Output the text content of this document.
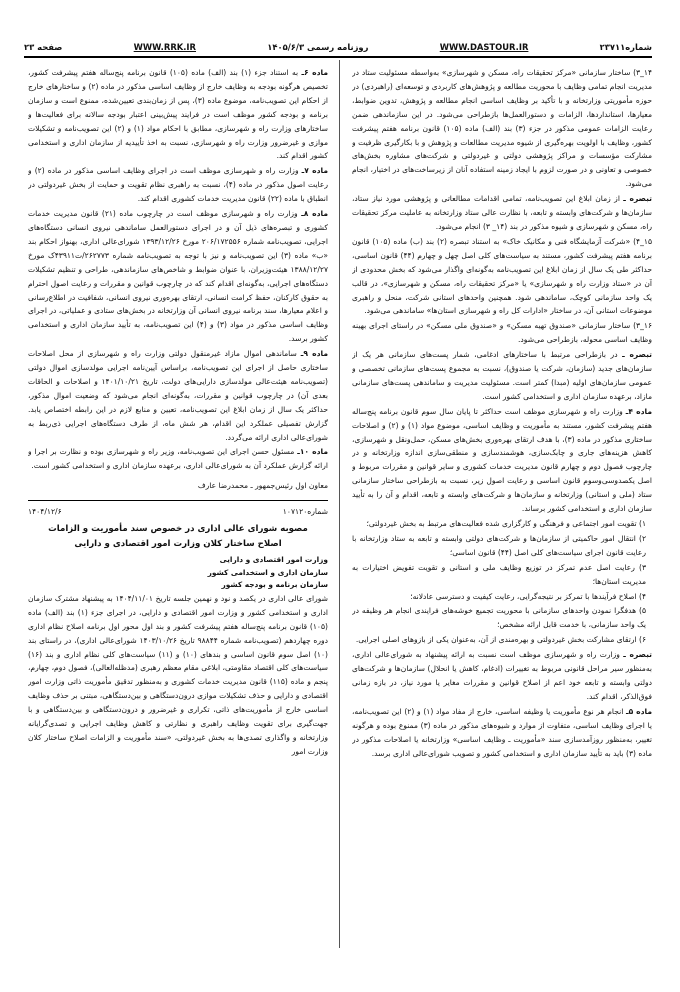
شماره۲۳۷۱۱
WWW.DASTOUR.IR
روزنامه رسمی ۱۴۰۵/۶/۳
WWW.RRK.IR
صفحه ۲۳

۱۴_۳) ساختار سازمانی «مرکز تحقیقات راه، مسکن و شهرسازی» به‌واسطه مسئولیت ستاد در مدیریت انجام تمامی وظایف با محوریت مطالعه و پژوهش‌های کاربردی و توسعه‌ای (راهبردی) در حوزه مأموریتی وزارتخانه و با تأکید بر وظایف اساسی انجام مطالعه و پژوهش، تدوین ضوابط، معیارها، استانداردها، الزامات و دستورالعمل‌ها بازطراحی می‌شود. در این سازماندهی ضمن رعایت الزامات عمومی مذکور در جزء (۳) بند (الف) ماده (۱۰۵) قانون برنامه هفتم پیشرفت کشور، وظایف با اولویت بهره‌گیری از شیوه مدیریت مطالعات و پژوهش و با بکارگیری ظرفیت و مشارکت مؤسسات و مراکز پژوهشی دولتی و غیردولتی و شرکت‌های مشاوره بخش‌های خصوصی و تعاونی و در صورت لزوم با ایجاد زمینه استفاده آنان از زیرساخت‌های در اختیار، انجام می‌شود.

تبصره ـ از زمان ابلاغ این تصویب‌نامه، تمامی اقدامات مطالعاتی و پژوهشی مورد نیاز ستاد، سازمان‌ها و شرکت‌های وابسته و تابعه، با نظارت عالی ستاد وزارتخانه به عاملیت مرکز تحقیقات راه، مسکن و شهرسازی و شیوه مذکور در بند (۱۴_ ۳) انجام می‌شود.

۱۵_۴) «شرکت آزمایشگاه فنی و مکانیک خاک» به استناد تبصره (۲) بند (ب) ماده (۱۰۵) قانون برنامه هفتم پیشرفت کشور، مستند به سیاست‌های کلی اصل چهل و چهارم (۴۴) قانون اساسی، حداکثر طی یک سال از زمان ابلاغ این تصویب‌نامه به‌گونه‌ای واگذار می‌شود که بخش محدودی از آن در «ستاد وزارت راه و شهرسازی» یا «مرکز تحقیقات راه، مسکن و شهرسازی»، در قالب یک واحد سازمانی کوچک، ساماندهی شود. همچنین واحدهای استانی شرکت، منحل و راهبری موضوعات استانی آن، در ساختار «ادارات کل راه و شهرسازی استان‌ها» ساماندهی می‌شود.

۱۶_۳) ساختار سازمانی «صندوق تهیه مسکن» و «صندوق ملی مسکن» در راستای اجرای بهینه وظایف اساسی محوله، بازطراحی می‌شود.

تبصره ـ در بازطراحی مرتبط با ساختارهای ادغامی، شمار پست‌های سازمانی هر یک از سازمان‌های جدید (سازمان، شرکت یا صندوق)، نسبت به مجموع پست‌های سازمانی تخصصی و عمومی سازمان‌های اولیه (مبدا) کمتر است. مسئولیت مدیریت و ساماندهی پست‌های سازمانی مازاد، برعهده سازمان اداری و استخدامی کشور است.

ماده ۴ـ وزارت راه و شهرسازی موظف است حداکثر تا پایان سال سوم قانون برنامه پنج‌ساله هفتم پیشرفت کشور، مستند به مأموریت و وظایف اساسی، موضوع مواد (۱) و (۲) و اصلاحات ساختاری مذکور در ماده (۳)، با هدف ارتقای بهره‌وری بخش‌های مسکن، حمل‌ونقل و شهرسازی، کاهش هزینه‌های جاری و چابک‌سازی، هوشمندسازی و منطقی‌سازی اندازه وزارتخانه و در چارچوب فصول دوم و چهارم قانون مدیریت خدمات کشوری و سایر قوانین و مقررات مربوط و اصل یکصدوسی‌وسوم قانون اساسی و رعایت اصول زیر، نسبت به بازطراحی ساختار سازمانی ستاد (ملی و استانی) وزارتخانه و سازمان‌ها و شرکت‌های وابسته و تابعه، اقدام و آن را به تأیید سازمان اداری و استخدامی کشور برساند.

۱) تقویت امور اجتماعی و فرهنگی و کارگزاری شده فعالیت‌های مرتبط به بخش غیردولتی؛

۲) انتقال امور حاکمیتی از سازمان‌ها و شرکت‌های دولتی وابسته و تابعه به ستاد وزارتخانه با رعایت قانون اجرای سیاست‌های کلی اصل (۴۴) قانون اساسی؛

۳) رعایت اصل عدم تمرکز در توزیع وظایف ملی و استانی و تقویت تفویض اختیارات به مدیریت استان‌ها؛

۴) اصلاح فرآیندها با تمرکز بر نتیجه‌گرایی، رعایت کیفیت و دسترسی عادلانه؛

۵) هدفگرا نمودن واحدهای سازمانی با محوریت تجمیع خوشه‌های فرایندی انجام هر وظیفه در یک واحد سازمانی، با خدمت قابل ارائه مشخص؛

۶) ارتقای مشارکت بخش غیردولتی و بهره‌مندی از آن، به‌عنوان یکی از بازوهای اصلی اجرایی.

تبصره ـ وزارت راه و شهرسازی موظف است نسبت به ارائه پیشنهاد به شورای‌عالی اداری، به‌منظور سیر مراحل قانونی مربوط به تغییرات (ادغام، کاهش یا انحلال) سازمان‌ها و شرکت‌های دولتی وابسته و تابعه خود اعم از اصلاح قوانین و مقررات مغایر یا مورد نیاز، در بازه زمانی فوق‌الذکر، اقدام کند.

ماده ۵ـ انجام هر نوع مأموریت یا وظیفه اساسی، خارج از مفاد مواد (۱) و (۲) این تصویب‌نامه، یا اجرای وظایف اساسی، متفاوت از موارد و شیوه‌های مذکور در ماده (۳) ممنوع بوده و هرگونه تغییر، به‌منظور روزآمدسازی سند «مأموریت ـ وظایف اساسی» وزارتخانه یا اصلاحات مذکور در ماده (۳) باید به تأیید سازمان اداری و استخدامی کشور و تصویب شورای‌عالی اداری برسد.

ماده ۶ـ به استناد جزء (۱) بند (الف) ماده (۱۰۵) قانون برنامه پنج‌ساله هفتم پیشرفت کشور، تخصیص هرگونه بودجه به وظایف خارج از وظایف اساسی مذکور در ماده (۲) و ساختارهای خارج از احکام این تصویب‌نامه، موضوع ماده (۳)، پس از زمان‌بندی تعیین‌شده، ممنوع است و سازمان برنامه و بودجه کشور موظف است در فرایند پیش‌بینی اعتبار بودجه سالانه برای فعالیت‌ها و ساختارهای وزارت راه و شهرسازی، مطابق با احکام مواد (۱) و (۲) این تصویب‌نامه و تشکیلات موازی و غیرضرور وزارت راه و شهرسازی، نسبت به اخذ تأییدیه از سازمان اداری و استخدامی کشور اقدام کند.

ماده ۷ـ وزارت راه و شهرسازی موظف است در اجرای وظایف اساسی مذکور در ماده (۲) و رعایت اصول مذکور در ماده (۴)، نسبت به راهبری نظام تقویت و حمایت از بخش غیردولتی در انطباق با ماده (۲۲) قانون مدیریت خدمات کشوری اقدام کند.

ماده ۸ـ وزارت راه و شهرسازی موظف است در چارچوب ماده (۲۱) قانون مدیریت خدمات کشوری و تبصره‌های ذیل آن و در اجرای دستورالعمل ساماندهی نیروی انسانی دستگاه‌های اجرایی، تصویب‌نامه شماره ۲۰۶/۱۷۲۵۵۶ مورخ ۱۳۹۳/۱۲/۲۶ شورای‌عالی اداری، بهنواز احکام بند «ب» ماده (۳) این تصویب‌نامه و نیز با توجه به تصویب‌نامه شماره ۲۶۲۷۷۳/ت۴۳۹۱۱ک مورخ ۱۳۸۸/۱۲/۲۷ هیئت‌وزیران، با عنوان ضوابط و شاخص‌های سازماندهی، طراحی و تنظیم تشکیلات دستگاه‌های اجرایی، به‌گونه‌ای اقدام کند که در چارچوب قوانین و مقررات و رعایت اصول احترام به حقوق کارکنان، حفظ کرامت انسانی، ارتقای بهره‌وری نیروی انسانی، شفافیت در اطلاع‌رسانی و اعلام معیارها، سند برنامه نیروی انسانی آن وزارتخانه در بخش‌های ستادی و عملیاتی، در اجرای وظایف اساسی مذکور در مواد (۳) و (۴) این تصویب‌نامه، به تأیید سازمان اداری و استخدامی کشور برسد.

ماده ۹ـ ساماندهی اموال مازاد غیرمنقول دولتی وزارت راه و شهرسازی از محل اصلاحات ساختاری حاصل از اجرای این تصویب‌نامه، براساس آیین‌نامه اجرایی مولدسازی اموال دولتی (تصویب‌نامه هیئت‌عالی مولدسازی دارایی‌های دولت، تاریخ ۱۴۰۱/۱۰/۲۱ و اصلاحات و الحاقات بعدی آن) در چارچوب قوانین و مقررات، به‌گونه‌ای انجام می‌شود که وضعیت اموال مذکور، حداکثر یک سال از زمان ابلاغ این تصویب‌نامه، تعیین و منابع لازم در این رابطه اختصاص یابد. گزارش تفصیلی عملکرد این اقدام، هر شش ماه، از طرف دستگاه‌های اجرایی ذی‌ربط به شورای‌عالی اداری ارائه می‌گردد.

ماده ۱۰ـ مسئول حسن اجرای این تصویب‌نامه، وزیر راه و شهرسازی بوده و نظارت بر اجرا و ارائه گزارش عملکرد آن به شورای‌عالی اداری، برعهده سازمان اداری و استخدامی کشور است.

معاون اول رئیس‌جمهور ـ محمدرضا عارف

شماره۱۰۷۱۲۰
۱۴۰۴/۱۲/۶
مصوبه شورای عالی اداری در خصوص سند مأموریت و الزامات
اصلاح ساختار کلان وزارت امور اقتصادی و دارایی
وزارت امور اقتصادی و دارایی
سازمان اداری و استخدامی کشور
سازمان برنامه و بودجه کشور

شورای عالی اداری در یکصد و نود و نهمین جلسه تاریخ ۱۴۰۴/۱۱/۰۱ به پیشنهاد مشترک سازمان اداری و استخدامی کشور و وزارت امور اقتصادی و دارایی، در اجرای جزء (۱) بند (الف) ماده (۱۰۵) قانون برنامه پنج‌ساله هفتم پیشرفت کشور و بند اول محور اول برنامه اصلاح نظام اداری دوره چهاردهم (تصویب‌نامه شماره ۹۸۸۴۴ تاریخ ۱۴۰۳/۱۰/۲۶ شورای‌عالی اداری)، در راستای بند (۱۰) اصل سوم قانون اساسی و بندهای (۱۰) و (۱۱) سیاست‌های کلی نظام اداری و بند (۱۶) سیاست‌های کلی اقتصاد مقاومتی، ابلاغی مقام معظم رهبری (مدظله‌العالی)، فصول دوم، چهارم، پنجم و ماده (۱۱۵) قانون مدیریت خدمات کشوری و به‌منظور تدقیق مأموریت ذاتی وزارت امور اقتصادی و دارایی و حذف تشکیلات موازی درون‌دستگاهی و بین‌دستگاهی، مبتنی بر حذف وظایف اساسی خارج از مأموریت‌های ذاتی، تکراری و غیرضرور و درون‌دستگاهی و بین‌دستگاهی و با جهت‌گیری برای تقویت وظایف راهبری و نظارتی و کاهش وظایف اجرایی و تصدی‌گرایانه وزارتخانه و واگذاری تصدی‌ها به بخش غیردولتی، «سند مأموریت و الزامات اصلاح ساختار کلان وزارت امور
